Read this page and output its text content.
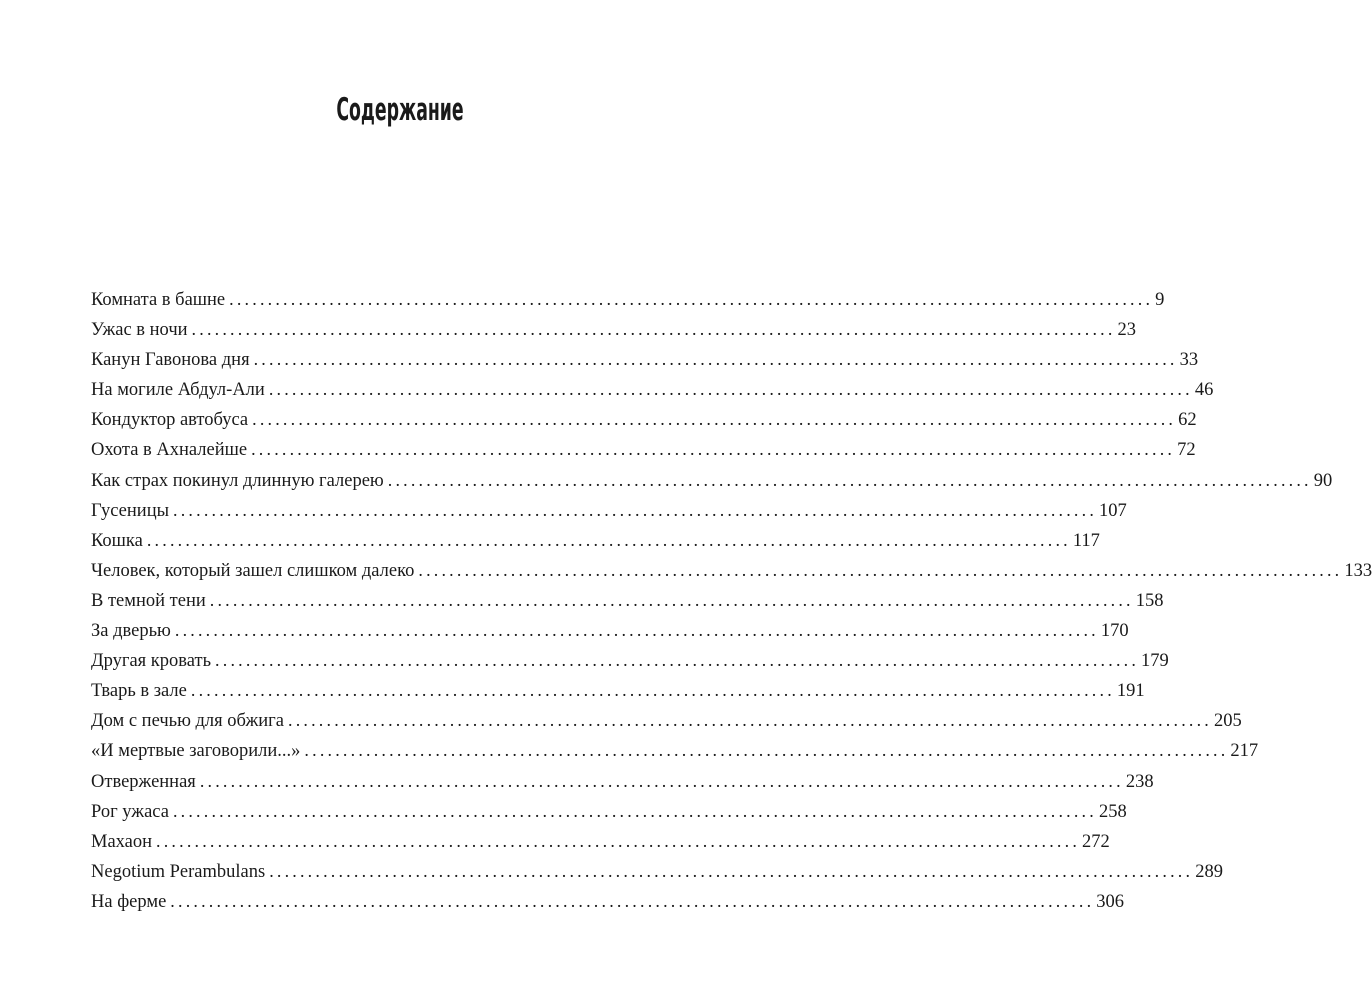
Содержание
Комната в башне ........................................................................................................................ 9
Ужас в ночи ........................................................................................................................ 23
Канун Гавонова дня ........................................................................................................................ 33
На могиле Абдул-Али ........................................................................................................................ 46
Кондуктор автобуса ........................................................................................................................ 62
Охота в Ахналейше ........................................................................................................................ 72
Как страх покинул длинную галерею ........................................................................................................................ 90
Гусеницы ........................................................................................................................ 107
Кошка ........................................................................................................................ 117
Человек, который зашел слишком далеко ........................................................................................................................ 133
В темной тени ........................................................................................................................ 158
За дверью ........................................................................................................................ 170
Другая кровать ........................................................................................................................ 179
Тварь в зале ........................................................................................................................ 191
Дом с печью для обжига ........................................................................................................................ 205
«И мертвые заговорили...» ........................................................................................................................ 217
Отверженная ........................................................................................................................ 238
Рог ужаса ........................................................................................................................ 258
Махаон ........................................................................................................................ 272
Negotium Perambulans ........................................................................................................................ 289
На ферме ........................................................................................................................ 306
